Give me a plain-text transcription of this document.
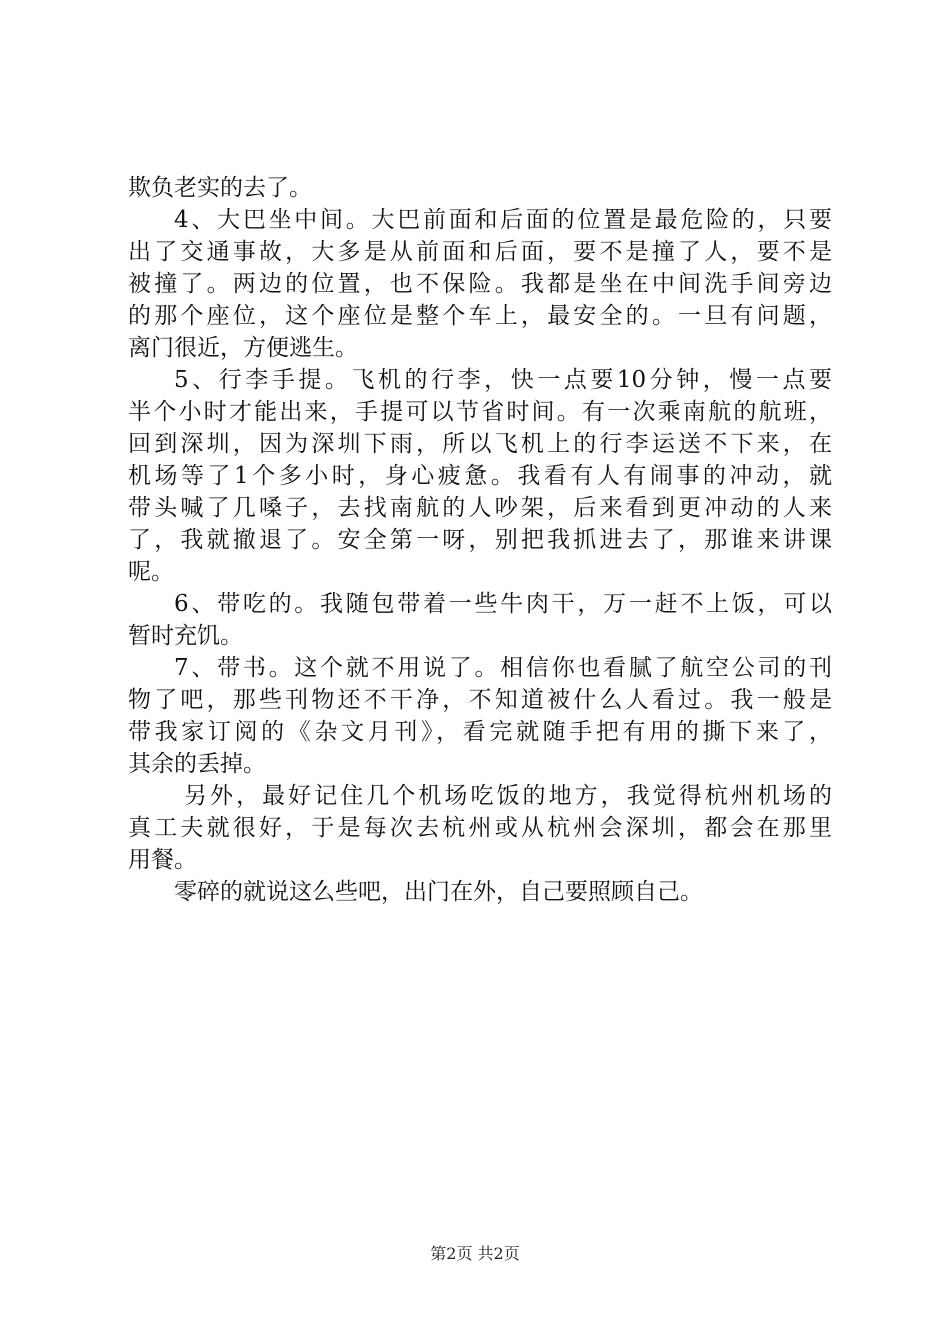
欺负老实的去了。
4、大巴坐中间。大巴前面和后面的位置是最危险的，只要
出了交通事故，大多是从前面和后面，要不是撞了人，要不是
被撞了。两边的位置，也不保险。我都是坐在中间洗手间旁边
的那个座位，这个座位是整个车上，最安全的。一旦有问题，
离门很近，方便逃生。
5、行李手提。飞机的行李，快一点要10分钟，慢一点要
半个小时才能出来，手提可以节省时间。有一次乘南航的航班，
回到深圳，因为深圳下雨，所以飞机上的行李运送不下来，在
机场等了1个多小时，身心疲惫。我看有人有闹事的冲动，就
带头喊了几嗓子，去找南航的人吵架，后来看到更冲动的人来
了，我就撤退了。安全第一呀，别把我抓进去了，那谁来讲课
呢。
6、带吃的。我随包带着一些牛肉干，万一赶不上饭，可以
暂时充饥。
7、带书。这个就不用说了。相信你也看腻了航空公司的刊
物了吧，那些刊物还不干净，不知道被什么人看过。我一般是
带我家订阅的《杂文月刊》，看完就随手把有用的撕下来了，
其余的丢掉。
另外，最好记住几个机场吃饭的地方，我觉得杭州机场的
真工夫就很好，于是每次去杭州或从杭州会深圳，都会在那里
用餐。
零碎的就说这么些吧，出门在外，自己要照顾自己。
第2页 共2页
